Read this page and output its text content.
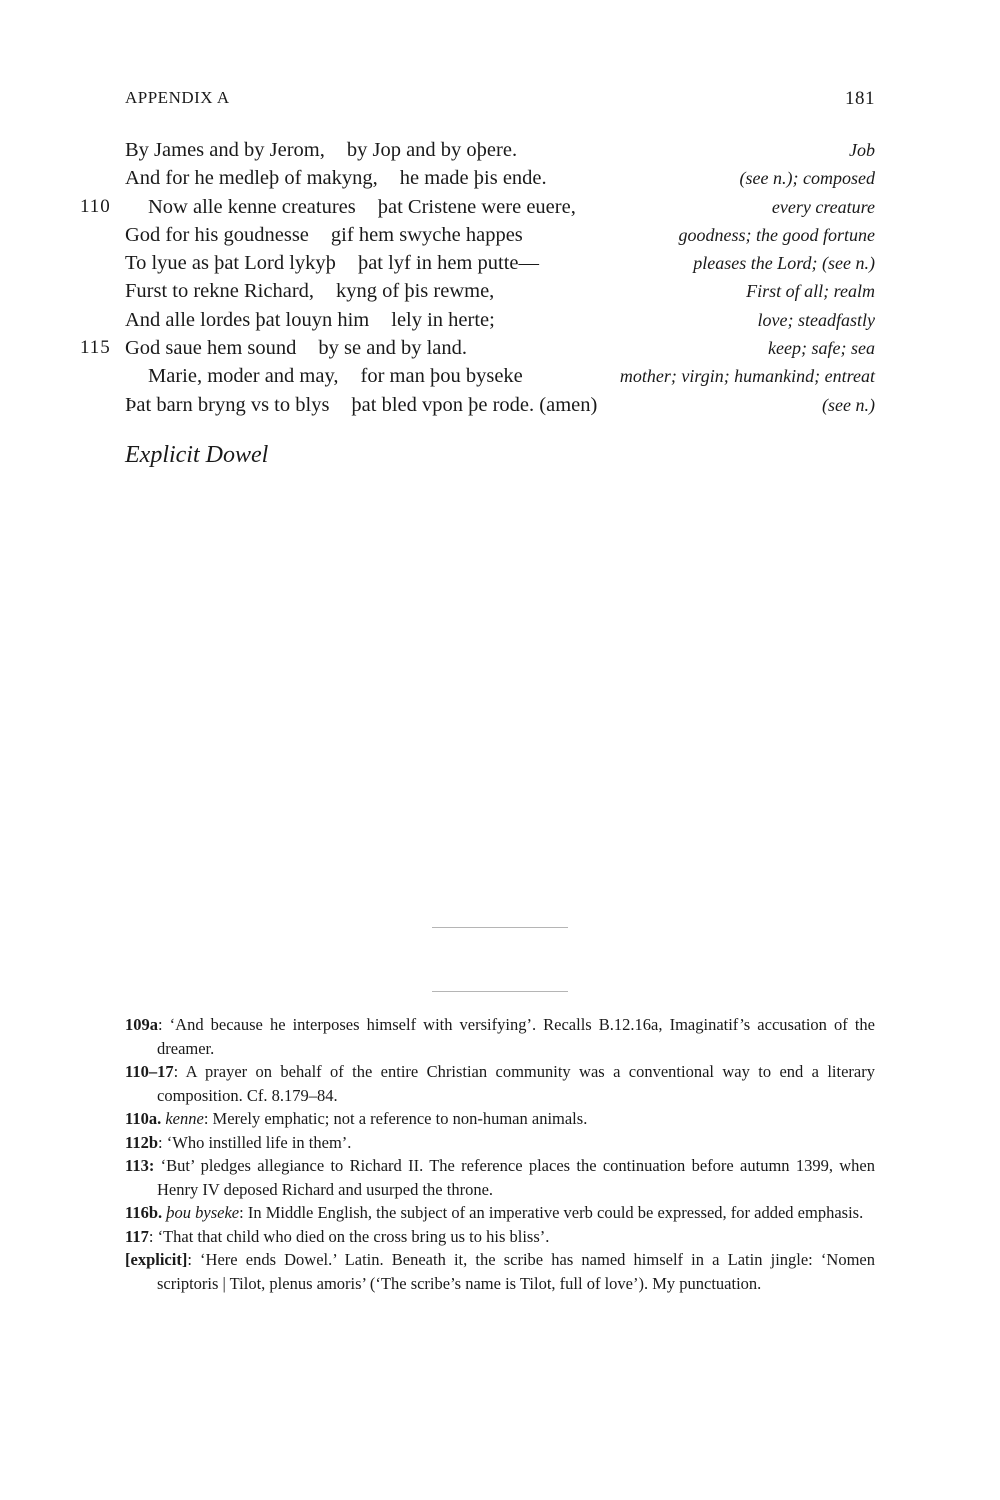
APPENDIX A	181
By James and by Jerom, by Jop and by oþere.	Job
And for he medleþ of makyng, he made þis ende.	(see n.); composed
110 Now alle kenne creatures þat Cristene were euere,	every creature
God for his goudnesse gif hem swyche happes	goodness; the good fortune
To lyue as þat Lord lykyþ þat lyf in hem putte—	pleases the Lord; (see n.)
Furst to rekne Richard, kyng of þis rewme,	First of all; realm
And alle lordes þat louyn him lely in herte;	love; steadfastly
115 God saue hem sound by se and by land.	keep; safe; sea
Marie, moder and may, for man þou byseke	mother; virgin; humankind; entreat
Þat barn bryng vs to blys þat bled vpon þe rode. (amen)	(see n.)
Explicit Dowel
109a: ‘And because he interposes himself with versifying’. Recalls B.12.16a, Imaginatif’s accusation of the dreamer.
110–17: A prayer on behalf of the entire Christian community was a conventional way to end a literary composition. Cf. 8.179–84.
110a. kenne: Merely emphatic; not a reference to non-human animals.
112b: ‘Who instilled life in them’.
113: ‘But’ pledges allegiance to Richard II. The reference places the continuation before autumn 1399, when Henry IV deposed Richard and usurped the throne.
116b. þou byseke: In Middle English, the subject of an imperative verb could be expressed, for added emphasis.
117: ‘That that child who died on the cross bring us to his bliss’.
[explicit]: ‘Here ends Dowel.’ Latin. Beneath it, the scribe has named himself in a Latin jingle: ‘Nomen scriptoris | Tilot, plenus amoris’ (‘The scribe’s name is Tilot, full of love’). My punctuation.
